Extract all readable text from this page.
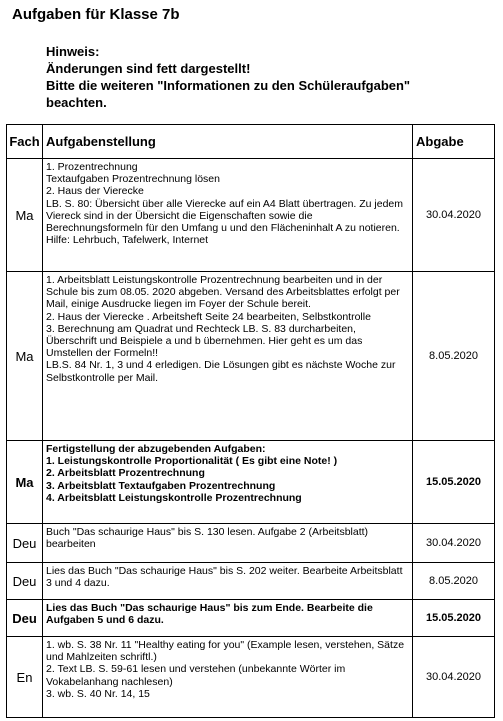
Aufgaben für Klasse 7b
Hinweis:
Änderungen sind fett dargestellt!
Bitte die weiteren "Informationen zu den Schüleraufgaben"
beachten.
Fach	Aufgabenstellung	Abgabe
Ma	1. Prozentrechnung
Textaufgaben Prozentrechnung lösen
2. Haus der Vierecke
LB. S. 80: Übersicht über alle Vierecke auf ein A4 Blatt übertragen. Zu jedem Viereck sind in der Übersicht die Eigenschaften sowie die Berechnungsformeln für den Umfang u und den Flächeninhalt A zu notieren. Hilfe: Lehrbuch, Tafelwerk, Internet	30.04.2020
Ma	1. Arbeitsblatt Leistungskontrolle Prozentrechnung bearbeiten und in der Schule bis zum 08.05. 2020 abgeben. Versand des Arbeitsblattes erfolgt per Mail, einige Ausdrucke liegen im Foyer der Schule bereit.
2. Haus der Vierecke . Arbeitsheft Seite 24 bearbeiten, Selbstkontrolle
3. Berechnung am Quadrat und Rechteck LB. S. 83 durcharbeiten, Überschrift und Beispiele a und b übernehmen. Hier geht es um das Umstellen der Formeln!!
LB.S. 84 Nr. 1, 3 und 4 erledigen. Die Lösungen gibt es nächste Woche zur Selbstkontrolle per Mail.	8.05.2020
Ma	Fertigstellung der abzugebenden Aufgaben:
1. Leistungskontrolle Proportionalität ( Es gibt eine Note! )
2. Arbeitsblatt Prozentrechnung
3. Arbeitsblatt Textaufgaben Prozentrechnung
4. Arbeitsblatt Leistungskontrolle Prozentrechnung	15.05.2020
Deu	Buch "Das schaurige Haus" bis S. 130 lesen. Aufgabe 2 (Arbeitsblatt) bearbeiten	30.04.2020
Deu	Lies das Buch "Das schaurige Haus" bis S. 202 weiter. Bearbeite Arbeitsblatt 3 und 4 dazu.	8.05.2020
Deu	Lies das Buch "Das schaurige Haus" bis zum Ende. Bearbeite die Aufgaben 5 und 6 dazu.	15.05.2020
En	1. wb. S. 38 Nr. 11 "Healthy eating for you" (Example lesen, verstehen, Sätze und Mahlzeiten schriftl.)
2. Text LB. S. 59-61 lesen und verstehen (unbekannte Wörter im Vokabelanhang nachlesen)
3. wb. S. 40 Nr. 14, 15	30.04.2020
